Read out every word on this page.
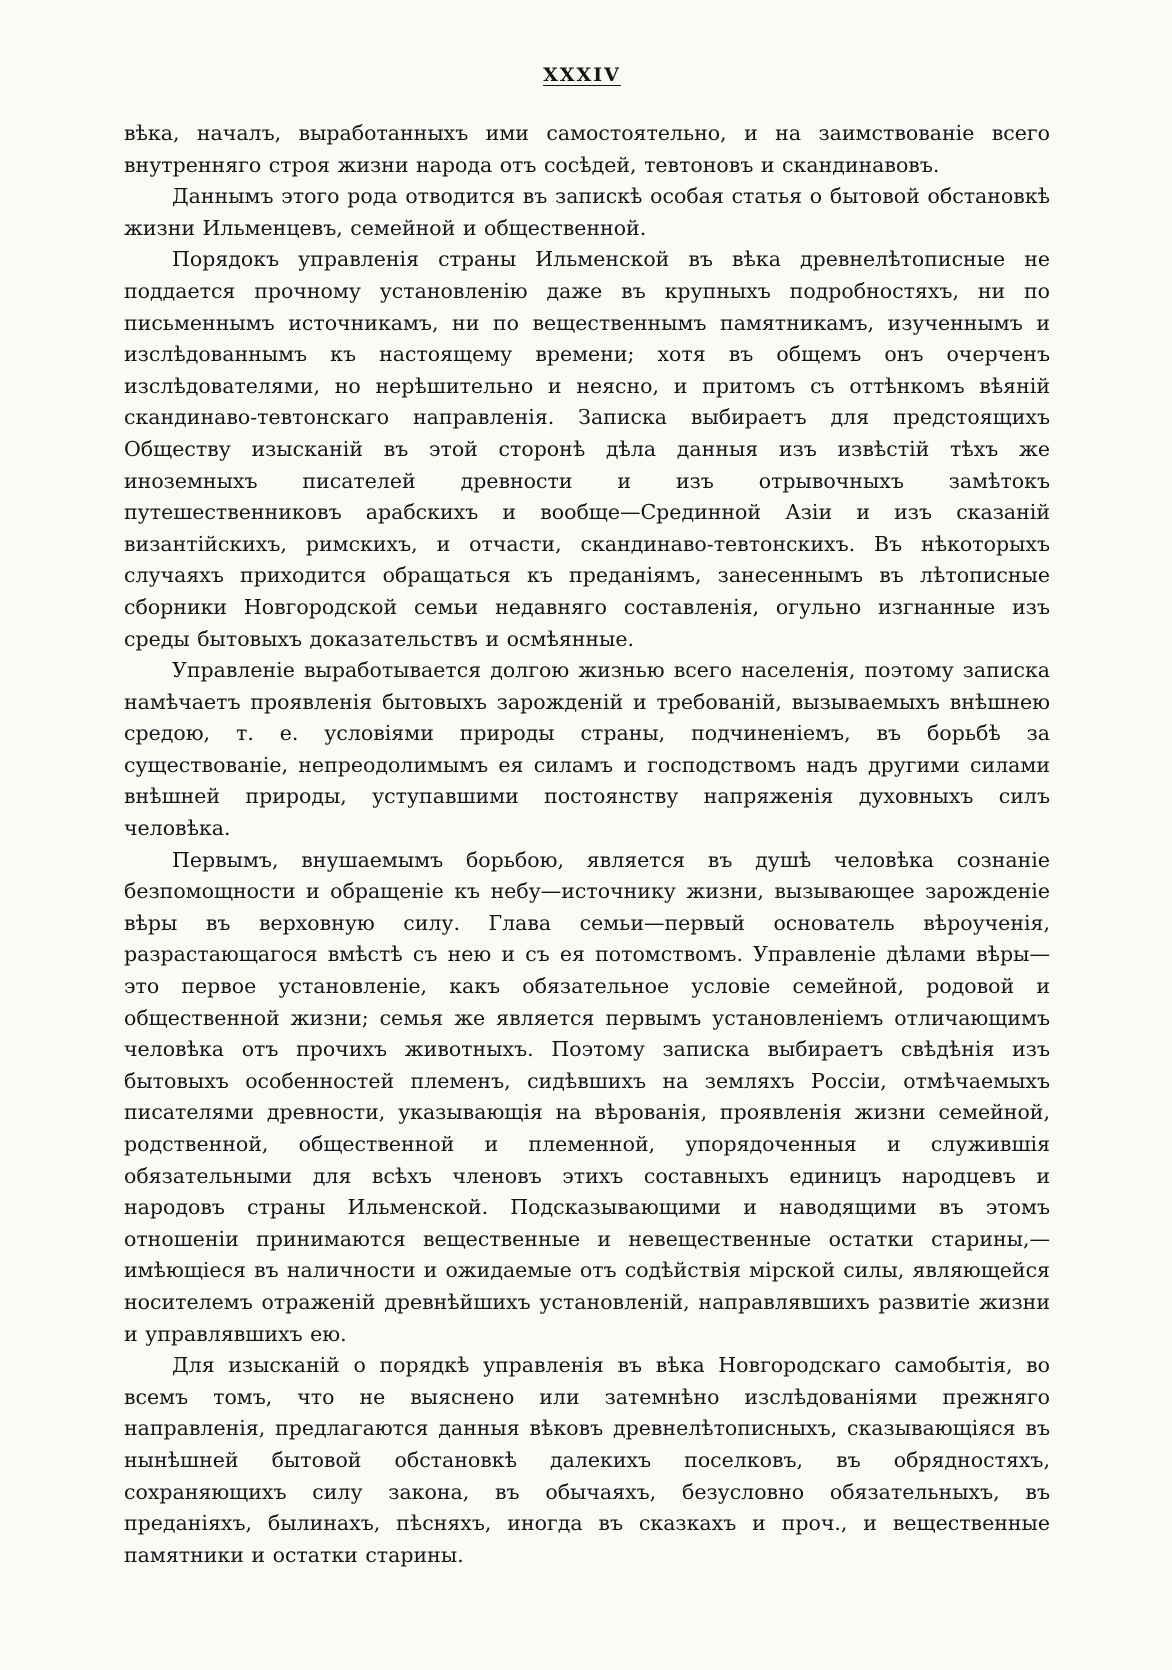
XXXIV

вѣка, началъ, выработанныхъ ими самостоятельно, и на заимствованіе всего внутренняго строя жизни народа отъ сосѣдей, тевтоновъ и скандинавовъ.

Даннымъ этого рода отводится въ запискѣ особая статья о бытовой обстановкѣ жизни Ильменцевъ, семейной и общественной.

Порядокъ управленія страны Ильменской въ вѣка древнелѣтописные не поддается прочному установленію даже въ крупныхъ подробностяхъ, ни по письменнымъ источникамъ, ни по вещественнымъ памятникамъ, изученнымъ и изслѣдованнымъ къ настоящему времени; хотя въ общемъ онъ очерченъ изслѣдователями, но нерѣшительно и неясно, и притомъ съ оттѣнкомъ вѣяній скандинаво-тевтонскаго направленія. Записка выбираетъ для предстоящихъ Обществу изысканій въ этой сторонѣ дѣла данныя изъ извѣстій тѣхъ же иноземныхъ писателей древности и изъ отрывочныхъ замѣтокъ путешественниковъ арабскихъ и вообще—Срединной Азіи и изъ сказаній византійскихъ, римскихъ, и отчасти, скандинаво-тевтонскихъ. Въ нѣкоторыхъ случаяхъ приходится обращаться къ преданіямъ, занесеннымъ въ лѣтописные сборники Новгородской семьи недавняго составленія, огульно изгнанные изъ среды бытовыхъ доказательствъ и осмѣянные.

Управленіе выработывается долгою жизнью всего населенія, поэтому записка намѣчаетъ проявленія бытовыхъ зарожденій и требованій, вызываемыхъ внѣшнею средою, т. е. условіями природы страны, подчиненіемъ, въ борьбѣ за существованіе, непреодолимымъ ея силамъ и господствомъ надъ другими силами внѣшней природы, уступавшими постоянству напряженія духовныхъ силъ человѣка.

Первымъ, внушаемымъ борьбою, является въ душѣ человѣка сознаніе безпомощности и обращеніе къ небу—источнику жизни, вызывающее зарожденіе вѣры въ верховную силу. Глава семьи—первый основатель вѣроученія, разрастающагося вмѣстѣ съ нею и съ ея потомствомъ. Управленіе дѣлами вѣры—это первое установленіе, какъ обязательное условіе семейной, родовой и общественной жизни; семья же является первымъ установленіемъ отличающимъ человѣка отъ прочихъ животныхъ. Поэтому записка выбираетъ свѣдѣнія изъ бытовыхъ особенностей племенъ, сидѣвшихъ на земляхъ Россіи, отмѣчаемыхъ писателями древности, указывающія на вѣрованія, проявленія жизни семейной, родственной, общественной и племенной, упорядоченныя и служившія обязательными для всѣхъ членовъ этихъ составныхъ единицъ народцевъ и народовъ страны Ильменской. Подсказывающими и наводящими въ этомъ отношеніи принимаются вещественные и невещественные остатки старины,—имѣющіеся въ наличности и ожидаемые отъ содѣйствія мірской силы, являющейся носителемъ отраженій древнѣйшихъ установленій, направлявшихъ развитіе жизни и управлявшихъ ею.

Для изысканій о порядкѣ управленія въ вѣка Новгородскаго самобытія, во всемъ томъ, что не выяснено или затемнѣно изслѣдованіями прежняго направленія, предлагаются данныя вѣковъ древнелѣтописныхъ, сказывающіяся въ нынѣшней бытовой обстановкѣ далекихъ поселковъ, въ обрядностяхъ, сохраняющихъ силу закона, въ обычаяхъ, безусловно обязательныхъ, въ преданіяхъ, былинахъ, пѣсняхъ, иногда въ сказкахъ и проч., и вещественные памятники и остатки старины.
